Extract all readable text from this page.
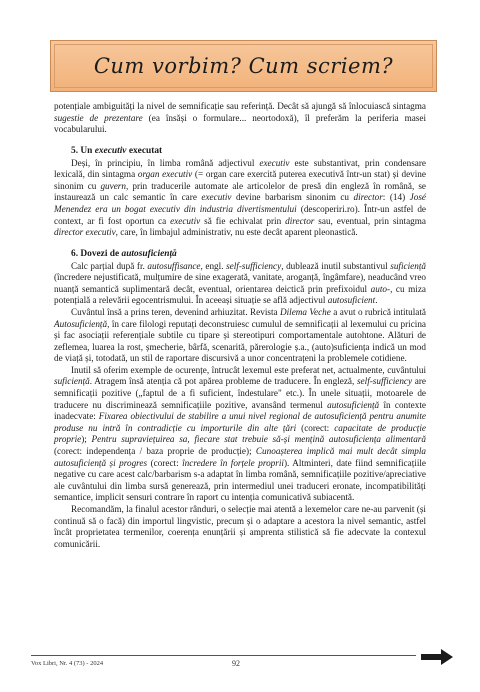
Cum vorbim? Cum scriem?

potențiale ambiguități la nivel de semnificație sau referință. Decât să ajungă să înlocuiască sintagma sugestie de prezentare (ea însăși o formulare... neortodoxă), îl preferăm la periferia masei vocabularului.

5. Un executiv executat

Deși, în principiu, în limba română adjectivul executiv este substantivat, prin condensare lexicală, din sintagma organ executiv (= organ care exercită puterea executivă într-un stat) și devine sinonim cu guvern, prin traducerile automate ale articolelor de presă din engleză în română, se instaurează un calc semantic în care executiv devine barbarism sinonim cu director: (14) José Menendez era un bogat executiv din industria divertismentului (descoperiri.ro). Într-un astfel de context, ar fi fost oportun ca executiv să fie echivalat prin director sau, eventual, prin sintagma director executiv, care, în limbajul administrativ, nu este decât aparent pleonastică.

6. Dovezi de autosuficiență

Calc parțial după fr. autosuffisance, engl. self-sufficiency, dublează inutil substantivul suficiență (încredere nejustificată, mulțumire de sine exagerată, vanitate, aroganță, îngâmfare), neaducând vreo nuanță semantică suplimentară decât, eventual, orientarea deictică prin prefixoidul auto-, cu miza potențială a relevării egocentrismului. În aceeași situație se află adjectivul autosuficient.

Cuvântul însă a prins teren, devenind arhiuzitat. Revista Dilema Veche a avut o rubrică intitulată Autosuficiență, în care filologi reputați deconstruiesc cumulul de semnificații al lexemului cu pricina și fac asociații referențiale subtile cu tipare și stereotipuri comportamentale autohtone. Alături de zeflemea, luarea la rost, șmecherie, bârfă, scenarită, părerologie ș.a., (auto)suficiența indică un mod de viață și, totodată, un stil de raportare discursivă a unor concentrațeni la problemele cotidiene.

Inutil să oferim exemple de ocurențe, întrucât lexemul este preferat net, actualmente, cuvântului suficiență. Atragem însă atenția că pot apărea probleme de traducere. În engleză, self-sufficiency are semnificații pozitive („faptul de a fi suficient, îndestulare" etc.). În unele situații, motoarele de traducere nu discriminează semnificațiile pozitive, avansând termenul autosuficiență în contexte inadecvate: Fixarea obiectivului de stabilire a unui nivel regional de autosuficiență pentru anumite produse nu intră în contradicție cu importurile din alte țări (corect: capacitate de producție proprie); Pentru supraviețuirea sa, fiecare stat trebuie să-și mențină autosuficiența alimentară (corect: independența / baza proprie de producție); Cunoașterea implică mai mult decât simpla autosuficiență și progres (corect: încredere în forțele proprii). Altminteri, date fiind semnificațiile negative cu care acest calc/barbarism s-a adaptat în limba română, semnificațiile pozitive/apreciative ale cuvântului din limba sursă generează, prin intermediul unei traduceri eronate, incompatibilități semantice, implicit sensuri contrare în raport cu intenția comunicativă subiacentă.

Recomandăm, la finalul acestor rânduri, o selecție mai atentă a lexemelor care ne-au parvenit (și continuă să o facă) din importul lingvistic, precum și o adaptare a acestora la nivel semantic, astfel încât proprietatea termenilor, coerența enunțării și amprenta stilistică să fie adecvate la contexul comunicării.

Vox Libri, Nr. 4 (73) - 2024	92
